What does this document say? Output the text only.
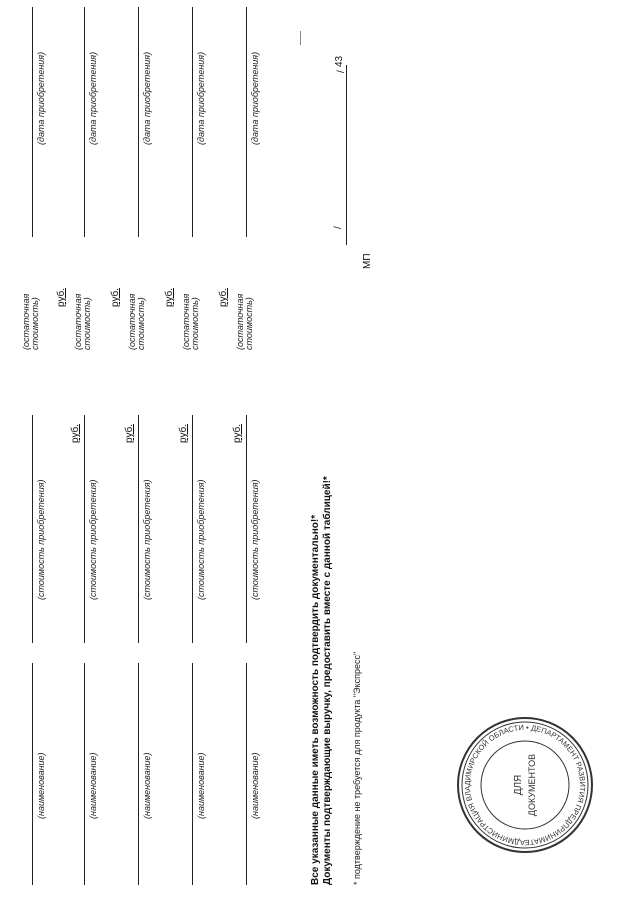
(наименование)
(стоимость приобретения)
(остаточная стоимость)
(дата приобретения)
руб.
(наименование)
(стоимость приобретения)
руб.
(остаточная стоимость)
(дата приобретения)
руб.
(наименование)
(стоимость приобретения)
руб.
(остаточная стоимость)
(дата приобретения)
руб.
(наименование)
(стоимость приобретения)
руб.
(остаточная стоимость)
(дата приобретения)
руб.
(наименование)
(стоимость приобретения)
руб.
(остаточная стоимость)
(дата приобретения)
Все указанные данные иметь возможность подтвердить документально!* Документы подтверждающие выручку, предоставить вместе с данной таблицей!* * подтверждение не требуется для продукта "Экспресс"
МП
/
/
43
АДМИНИСТРАЦИЯ ВЛАДИМИРСКОЙ ОБЛАСТИ • ДЕПАРТАМЕНТ РАЗВИТИЯ ПРЕДПРИНИМАТЕ
ДЛЯ ДОКУМЕНТОВ
